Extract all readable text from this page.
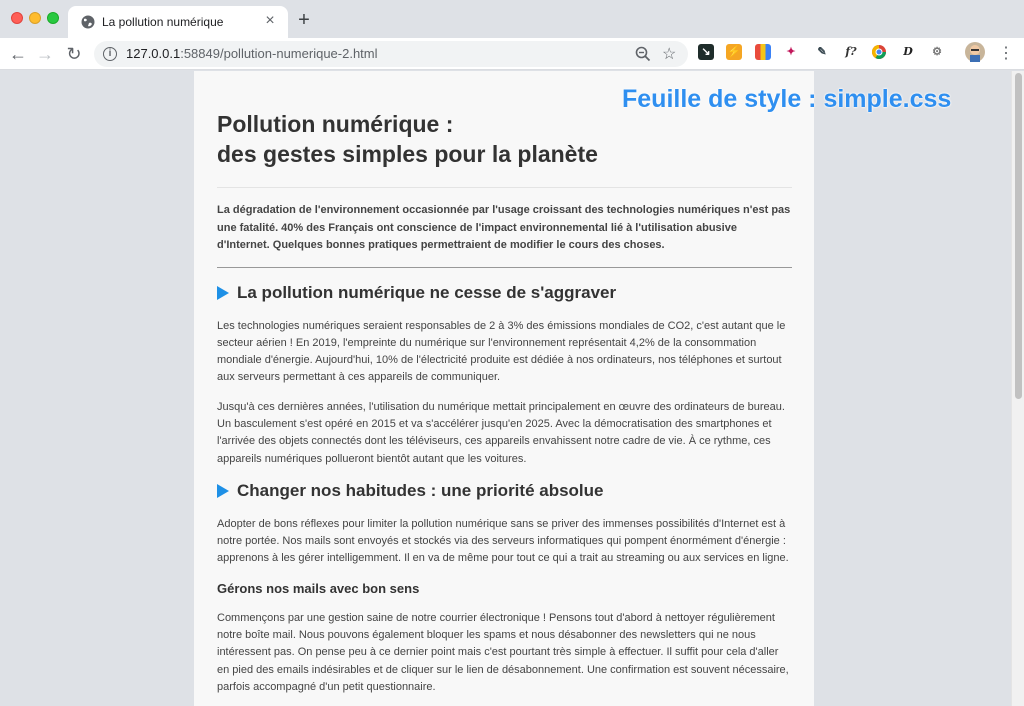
La pollution numérique	× +
← → ↻	i	127.0.0.1:58849/pollution-numerique-2.html	☆	↘	⚡	✦	✎	f?	D ⚙	⋮
Pollution numérique :
des gestes simples pour la planète

La dégradation de l'environnement occasionnée par l'usage croissant des technologies numériques n'est pas une fatalité. 40% des Français ont conscience de l'impact environnemental lié à l'utilisation abusive d'Internet. Quelques bonnes pratiques permettraient de modifier le cours des choses.

La pollution numérique ne cesse de s'aggraver

Les technologies numériques seraient responsables de 2 à 3% des émissions mondiales de CO2, c'est autant que le secteur aérien ! En 2019, l'empreinte du numérique sur l'environnement représentait 4,2% de la consommation mondiale d'énergie. Aujourd'hui, 10% de l'électricité produite est dédiée à nos ordinateurs, nos téléphones et surtout aux serveurs permettant à ces appareils de communiquer.

Jusqu'à ces dernières années, l'utilisation du numérique mettait principalement en œuvre des ordinateurs de bureau. Un basculement s'est opéré en 2015 et va s'accélérer jusqu'en 2025. Avec la démocratisation des smartphones et l'arrivée des objets connectés dont les téléviseurs, ces appareils envahissent notre cadre de vie. À ce rythme, ces appareils numériques pollueront bientôt autant que les voitures.

Changer nos habitudes : une priorité absolue

Adopter de bons réflexes pour limiter la pollution numérique sans se priver des immenses possibilités d'Internet est à notre portée. Nos mails sont envoyés et stockés via des serveurs informatiques qui pompent énormément d'énergie : apprenons à les gérer intelligemment. Il en va de même pour tout ce qui a trait au streaming ou aux services en ligne.

Gérons nos mails avec bon sens

Commençons par une gestion saine de notre courrier électronique ! Pensons tout d'abord à nettoyer régulièrement notre boîte mail. Nous pouvons également bloquer les spams et nous désabonner des newsletters qui ne nous intéressent pas. On pense peu à ce dernier point mais c'est pourtant très simple à effectuer. Il suffit pour cela d'aller en pied des emails indésirables et de cliquer sur le lien de désabonnement. Une confirmation est souvent nécessaire, parfois accompagné d'un petit questionnaire.

Feuille de style : simple.css
